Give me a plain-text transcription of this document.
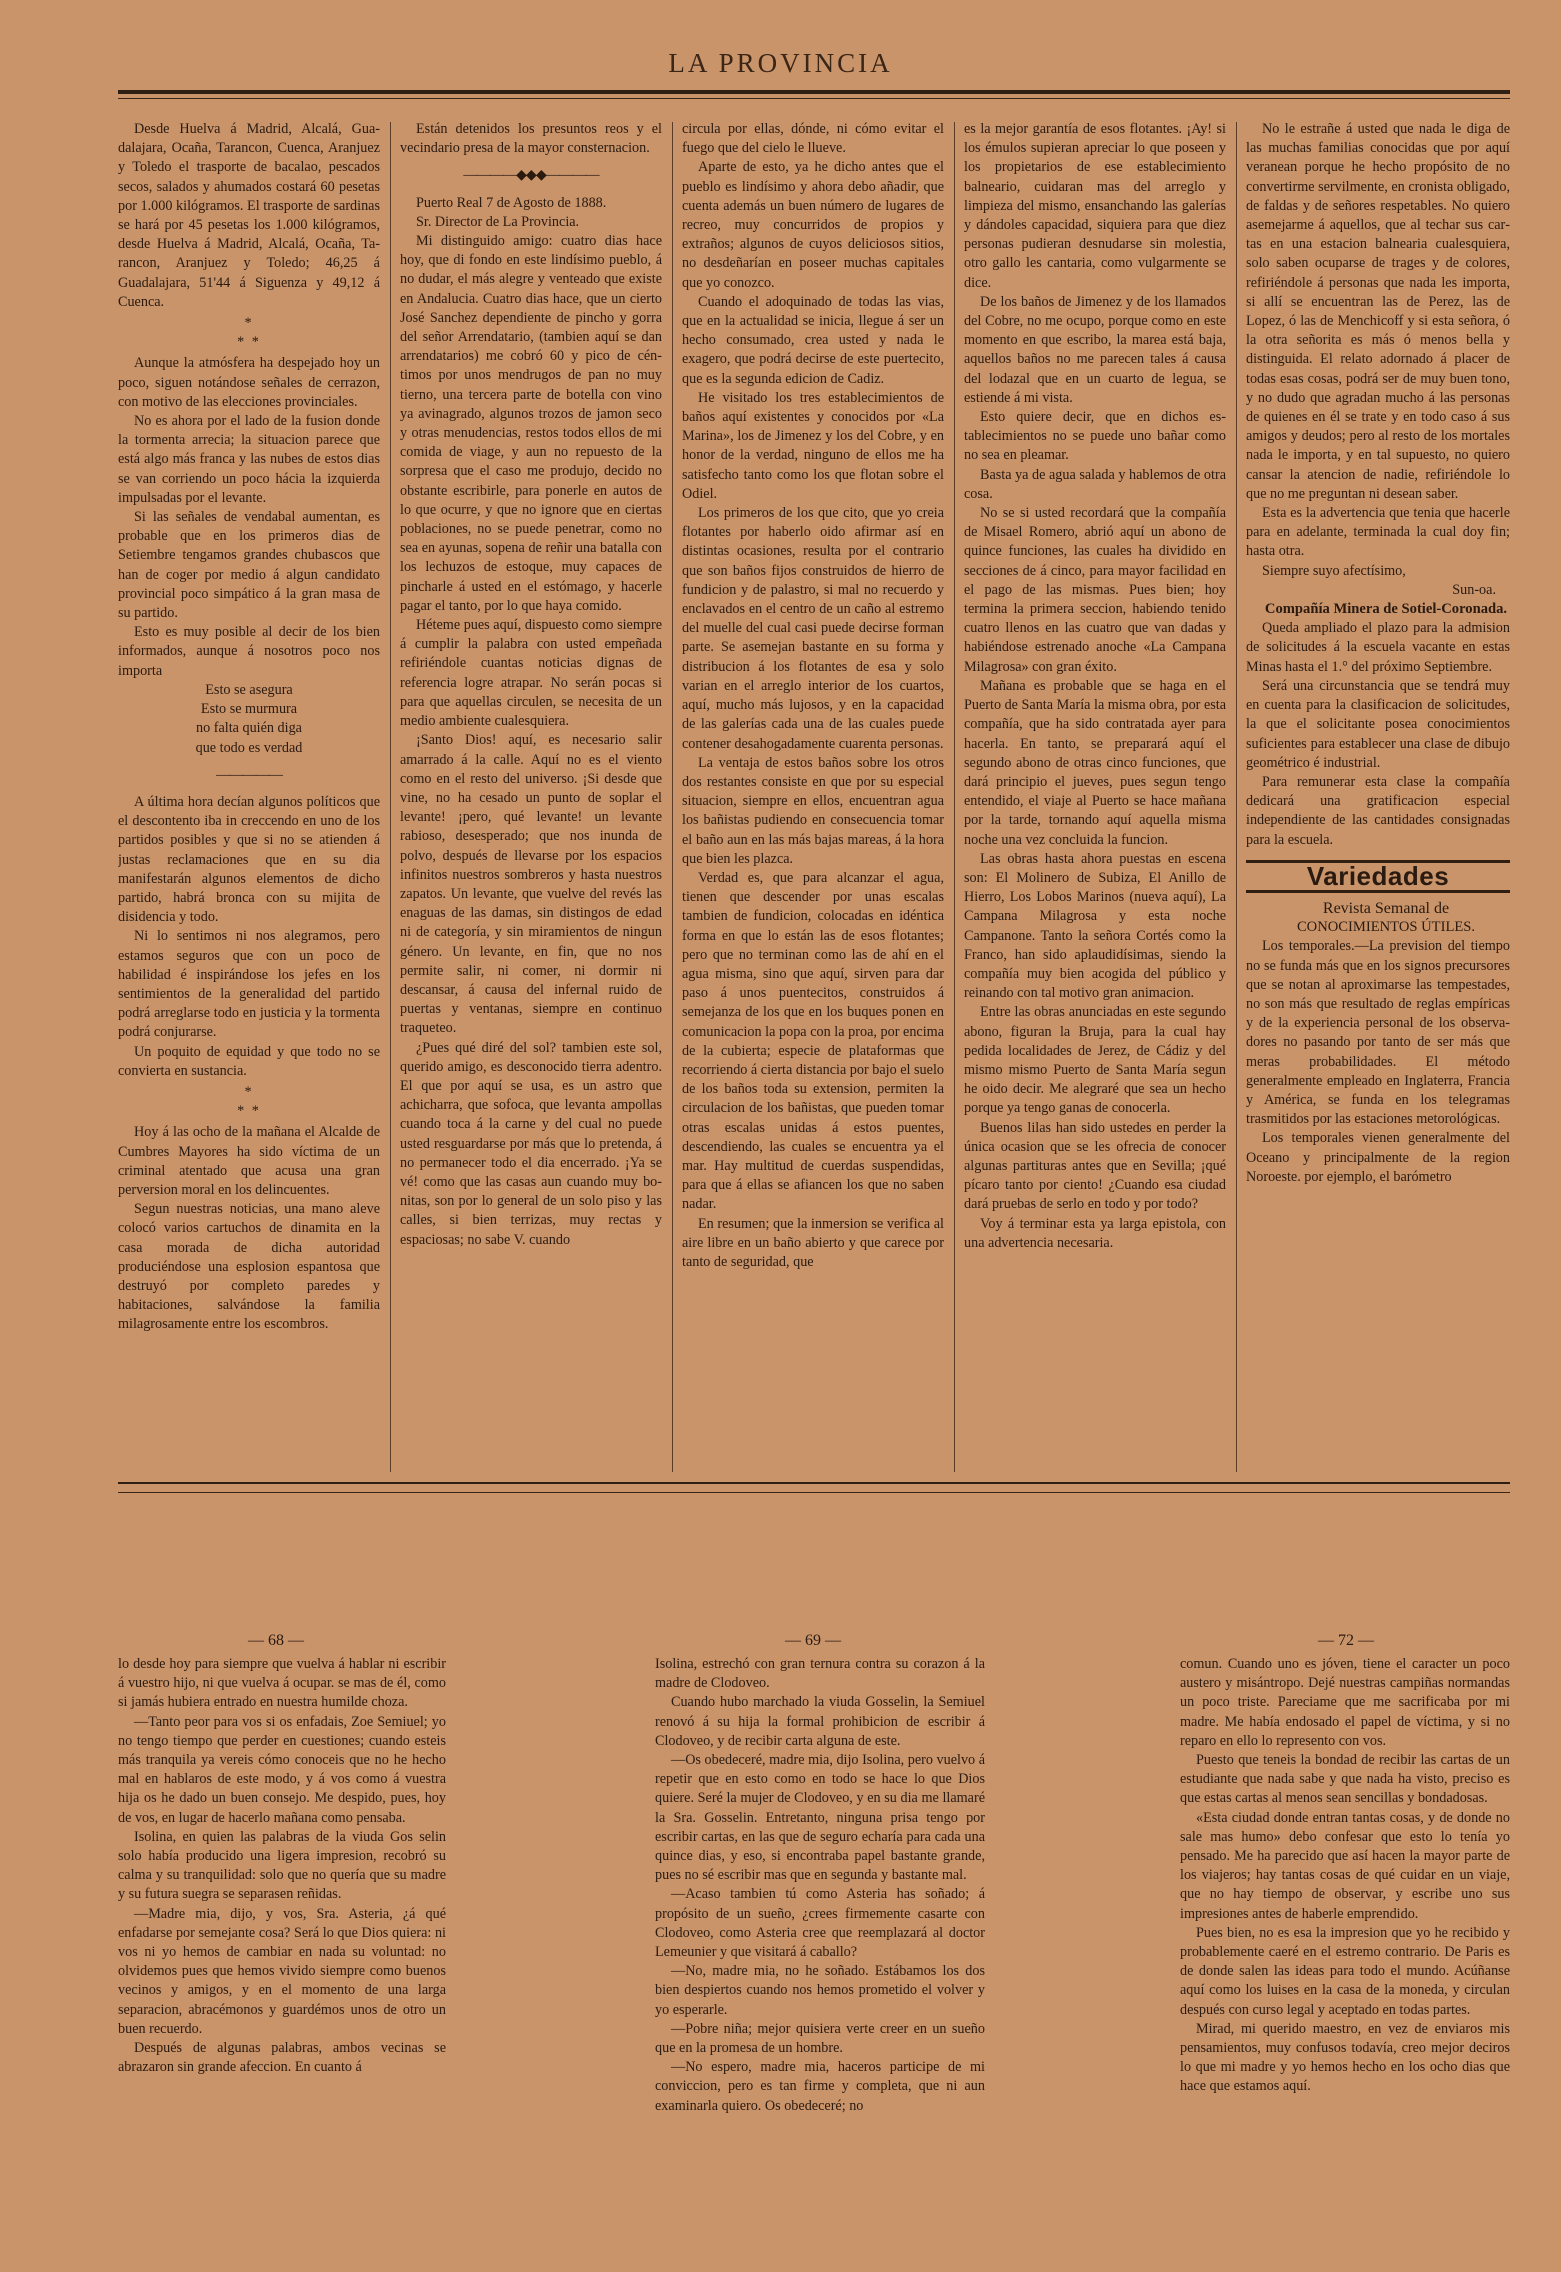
LA PROVINCIA

Desde Huelva á Madrid, Alcalá, Guadalajara, Ocaña, Tarancon, Cuenca, Aranjuez y Toledo el trasporte de bacalao, pescados secos, salados y ahumados costará 60 pesetas por 1.000 kilógramos. El trasporte de sardinas se hará por 45 pesetas los 1.000 kilógramos, desde Huelva á Madrid, Alcalá, Ocaña, Tarancon, Aranjuez y Toledo; 46,25 á Guadalajara, 51'44 á Siguenza y 49,12 á Cuenca.

*
* *

Aunque la atmósfera ha despejado hoy un poco, siguen notándose señales de cerrazon, con motivo de las elecciones provinciales.

No es ahora por el lado de la fusion donde la tormenta arrecia; la situacion parece que está algo más franca y las nubes de estos dias se van corriendo un poco hácia la izquierda impulsadas por el levante.

Si las señales de vendabal aumentan, es probable que en los primeros dias de Setiembre tengamos grandes chubascos que han de coger por medio á algun candidato provincial poco simpático á la gran masa de su partido.

Esto es muy posible al decir de los bien informados, aunque á nosotros poco nos importa

Esto se asegura

Esto se murmura

no falta quién diga

que todo es verdad

—————

A última hora decían algunos políticos que el descontento iba in creccendo en uno de los partidos posibles y que si no se atienden á justas reclamaciones que en su dia manifestarán algunos elementos de dicho partido, habrá bronca con su mijita de disidencia y todo.

Ni lo sentimos ni nos alegramos, pero estamos seguros que con un poco de habilidad é inspirándose los jefes en los sentimientos de la generalidad del partido podrá arreglarse todo en justicia y la tormenta podrá conjurarse.

Un poquito de equidad y que todo no se convierta en sustancia.

*
* *

Hoy á las ocho de la mañana el Alcalde de Cumbres Mayores ha sido víctima de un criminal atentado que acusa una gran perversion moral en los delincuentes.

Segun nuestras noticias, una mano aleve colocó varios cartuchos de dinamita en la casa morada de dicha autoridad produciéndose una esplosion espantosa que destruyó por completo paredes y habitaciones, salvándose la familia milagrosamente entre los escombros.

Están detenidos los presuntos reos y el vecindario presa de la mayor consternacion.

————◆◆◆————

Puerto Real 7 de Agosto de 1888.

Sr. Director de La Provincia.

Mi distinguido amigo: cuatro dias hace hoy, que di fondo en este lindísimo pueblo, á no dudar, el más alegre y venteado que existe en Andalucia. Cuatro dias hace, que un cierto José Sanchez dependiente de pincho y gorra del señor Arrendatario, (tambien aquí se dan arrendatarios) me cobró 60 y pico de céntimos por unos mendrugos de pan no muy tierno, una tercera parte de botella con vino ya avinagrado, algunos trozos de jamon seco y otras menudencias, restos todos ellos de mi comida de viage, y aun no repuesto de la sorpresa que el caso me produjo, decido no obstante escribirle, para ponerle en autos de lo que ocurre, y que no ignore que en ciertas poblaciones, no se puede penetrar, como no sea en ayunas, sopena de reñir una batalla con los lechuzos de estoque, muy capaces de pincharle á usted en el estómago, y hacerle pagar el tanto, por lo que haya comido.

Héteme pues aquí, dispuesto como siempre á cumplir la palabra con usted empeñada refiriéndole cuantas noticias dignas de referencia logre atrapar. No serán pocas si para que aquellas circulen, se necesita de un medio ambiente cualesquiera.

¡Santo Dios! aquí, es necesario salir amarrado á la calle. Aquí no es el viento como en el resto del universo. ¡Si desde que vine, no ha cesado un punto de soplar el levante! ¡pero, qué levante! un levante rabioso, desesperado; que nos inunda de polvo, después de llevarse por los espacios infinitos nuestros sombreros y hasta nuestros zapatos. Un levante, que vuelve del revés las enaguas de las damas, sin distingos de edad ni de categoría, y sin miramientos de ningun género. Un levante, en fin, que no nos permite salir, ni comer, ni dormir ni descansar, á causa del infernal ruido de puertas y ventanas, siempre en continuo traqueteo.

¿Pues qué diré del sol? tambien este sol, querido amigo, es desconocido tierra adentro. El que por aquí se usa, es un astro que achicharra, que sofoca, que levanta ampollas cuando toca á la carne y del cual no puede usted resguardarse por más que lo pretenda, á no permanecer todo el dia encerrado. ¡Ya se vé! como que las casas aun cuando muy bonitas, son por lo general de un solo piso y las calles, si bien terrizas, muy rectas y espaciosas; no sabe V. cuando

circula por ellas, dónde, ni cómo evitar el fuego que del cielo le llueve.

Aparte de esto, ya he dicho antes que el pueblo es lindísimo y ahora debo añadir, que cuenta además un buen número de lugares de recreo, muy concurridos de propios y extraños; algunos de cuyos deliciosos sitios, no desdeñarían en poseer muchas capitales que yo conozco.

Cuando el adoquinado de todas las vias, que en la actualidad se inicia, llegue á ser un hecho consumado, crea usted y nada le exagero, que podrá decirse de este puertecito, que es la segunda edicion de Cadiz.

He visitado los tres establecimientos de baños aquí existentes y conocidos por «La Marina», los de Jimenez y los del Cobre, y en honor de la verdad, ninguno de ellos me ha satisfecho tanto como los que flotan sobre el Odiel.

Los primeros de los que cito, que yo creia flotantes por haberlo oido afirmar así en distintas ocasiones, resulta por el contrario que son baños fijos construidos de hierro de fundicion y de palastro, si mal no recuerdo y enclavados en el centro de un caño al estremo del muelle del cual casi puede decirse forman parte. Se asemejan bastante en su forma y distribucion á los flotantes de esa y solo varian en el arreglo interior de los cuartos, aquí, mucho más lujosos, y en la capacidad de las galerías cada una de las cuales puede contener desahogadamente cuarenta personas.

La ventaja de estos baños sobre los otros dos restantes consiste en que por su especial situacion, siempre en ellos, encuentran agua los bañistas pudiendo en consecuencia tomar el baño aun en las más bajas mareas, á la hora que bien les plazca.

Verdad es, que para alcanzar el agua, tienen que descender por unas escalas tambien de fundicion, colocadas en idéntica forma en que lo están las de esos flotantes; pero que no terminan como las de ahí en el agua misma, sino que aquí, sirven para dar paso á unos puentecitos, construidos á semejanza de los que en los buques ponen en comunicacion la popa con la proa, por encima de la cubierta; especie de plataformas que recorriendo á cierta distancia por bajo el suelo de los baños toda su extension, permiten la circulacion de los bañistas, que pueden tomar otras escalas unidas á estos puentes, descendiendo, las cuales se encuentra ya el mar. Hay multitud de cuerdas suspendidas, para que á ellas se afiancen los que no saben nadar.

En resumen; que la inmersion se verifica al aire libre en un baño abierto y que carece por tanto de seguridad, que

es la mejor garantía de esos flotantes. ¡Ay! si los émulos supieran apreciar lo que poseen y los propietarios de ese establecimiento balneario, cuidaran mas del arreglo y limpieza del mismo, ensanchando las galerías y dándoles capacidad, siquiera para que diez personas pudieran desnudarse sin molestia, otro gallo les cantaria, como vulgarmente se dice.

De los baños de Jimenez y de los llamados del Cobre, no me ocupo, porque como en este momento en que escribo, la marea está baja, aquellos baños no me parecen tales á causa del lodazal que en un cuarto de legua, se estiende á mi vista.

Esto quiere decir, que en dichos establecimientos no se puede uno bañar como no sea en pleamar.

Basta ya de agua salada y hablemos de otra cosa.

No se si usted recordará que la compañía de Misael Romero, abrió aquí un abono de quince funciones, las cuales ha dividido en secciones de á cinco, para mayor facilidad en el pago de las mismas. Pues bien; hoy termina la primera seccion, habiendo tenido cuatro llenos en las cuatro que van dadas y habiéndose estrenado anoche «La Campana Milagrosa» con gran éxito.

Mañana es probable que se haga en el Puerto de Santa María la misma obra, por esta compañía, que ha sido contratada ayer para hacerla. En tanto, se preparará aquí el segundo abono de otras cinco funciones, que dará principio el jueves, pues segun tengo entendido, el viaje al Puerto se hace mañana por la tarde, tornando aquí aquella misma noche una vez concluida la funcion.

Las obras hasta ahora puestas en escena son: El Molinero de Subiza, El Anillo de Hierro, Los Lobos Marinos (nueva aquí), La Campana Milagrosa y esta noche Campanone. Tanto la señora Cortés como la Franco, han sido aplaudidísimas, siendo la compañía muy bien acogida del público y reinando con tal motivo gran animacion.

Entre las obras anunciadas en este segundo abono, figuran la Bruja, para la cual hay pedida localidades de Jerez, de Cádiz y del mismo mismo Puerto de Santa María segun he oido decir. Me alegraré que sea un hecho porque ya tengo ganas de conocerla.

Buenos lilas han sido ustedes en perder la única ocasion que se les ofrecia de conocer algunas partituras antes que en Sevilla; ¡qué pícaro tanto por ciento! ¿Cuando esa ciudad dará pruebas de serlo en todo y por todo?

Voy á terminar esta ya larga epistola, con una advertencia necesaria.

No le estrañe á usted que nada le diga de las muchas familias conocidas que por aquí veranean porque he hecho propósito de no convertirme servilmente, en cronista obligado, de faldas y de señores respetables. No quiero asemejarme á aquellos, que al techar sus cartas en una estacion balnearia cualesquiera, solo saben ocuparse de trages y de colores, refiriéndole á personas que nada les importa, si allí se encuentran las de Perez, las de Lopez, ó las de Menchicoff y si esta señora, ó la otra señorita es más ó menos bella y distinguida. El relato adornado á placer de todas esas cosas, podrá ser de muy buen tono, y no dudo que agradan mucho á las personas de quienes en él se trate y en todo caso á sus amigos y deudos; pero al resto de los mortales nada le importa, y en tal supuesto, no quiero cansar la atencion de nadie, refiriéndole lo que no me preguntan ni desean saber.

Esta es la advertencia que tenia que hacerle para en adelante, terminada la cual doy fin; hasta otra.

Siempre suyo afectísimo,

Sun-oa.

Compañía Minera de Sotiel-Coronada.

Queda ampliado el plazo para la admision de solicitudes á la escuela vacante en estas Minas hasta el 1.° del próximo Septiembre.

Será una circunstancia que se tendrá muy en cuenta para la clasificacion de solicitudes, la que el solicitante posea conocimientos suficientes para establecer una clase de dibujo geométrico é industrial.

Para remunerar esta clase la compañía dedicará una gratificacion especial independiente de las cantidades consignadas para la escuela.

Variedades

Revista Semanal de

CONOCIMIENTOS ÚTILES.

Los temporales.—La prevision del tiempo no se funda más que en los signos precursores que se notan al aproximarse las tempestades, no son más que resultado de reglas empíricas y de la experiencia personal de los observadores no pasando por tanto de ser más que meras probabilidades. El método generalmente empleado en Inglaterra, Francia y América, se funda en los telegramas trasmitidos por las estaciones metorológicas.

Los temporales vienen generalmente del Oceano y principalmente de la region Noroeste. por ejemplo, el barómetro

— 68 —	— 69 —	— 72 —

lo desde hoy para siempre que vuelva á hablar ni escribir á vuestro hijo, ni que vuelva á ocupar. se mas de él, como si jamás hubiera entrado en nuestra humilde choza.

—Tanto peor para vos si os enfadais, Zoe Semiuel; yo no tengo tiempo que perder en cuestiones; cuando esteis más tranquila ya vereis cómo conoceis que no he hecho mal en hablaros de este modo, y á vos como á vuestra hija os he dado un buen consejo. Me despido, pues, hoy de vos, en lugar de hacerlo mañana como pensaba.

Isolina, en quien las palabras de la viuda Gos selin solo había producido una ligera impresion, recobró su calma y su tranquilidad: solo que no quería que su madre y su futura suegra se separasen reñidas.

—Madre mia, dijo, y vos, Sra. Asteria, ¿á qué enfadarse por semejante cosa? Será lo que Dios quiera: ni vos ni yo hemos de cambiar en nada su voluntad: no olvidemos pues que hemos vivido siempre como buenos vecinos y amigos, y en el momento de una larga separacion, abracémonos y guardémos unos de otro un buen recuerdo.

Después de algunas palabras, ambos vecinas se abrazaron sin grande afeccion. En cuanto á

Isolina, estrechó con gran ternura contra su corazon á la madre de Clodoveo.

Cuando hubo marchado la viuda Gosselin, la Semiuel renovó á su hija la formal prohibicion de escribir á Clodoveo, y de recibir carta alguna de este.

—Os obedeceré, madre mia, dijo Isolina, pero vuelvo á repetir que en esto como en todo se hace lo que Dios quiere. Seré la mujer de Clodoveo, y en su dia me llamaré la Sra. Gosselin. Entretanto, ninguna prisa tengo por escribir cartas, en las que de seguro echaría para cada una quince dias, y eso, si encontraba papel bastante grande, pues no sé escribir mas que en segunda y bastante mal.

—Acaso tambien tú como Asteria has soñado; á propósito de un sueño, ¿crees firmemente casarte con Clodoveo, como Asteria cree que reemplazará al doctor Lemeunier y que visitará á caballo?

—No, madre mia, no he soñado. Estábamos los dos bien despiertos cuando nos hemos prometido el volver y yo esperarle.

—Pobre niña; mejor quisiera verte creer en un sueño que en la promesa de un hombre.

—No espero, madre mia, haceros participe de mi conviccion, pero es tan firme y completa, que ni aun examinarla quiero. Os obedeceré; no

comun. Cuando uno es jóven, tiene el caracter un poco austero y misántropo. Dejé nuestras campiñas normandas un poco triste. Pareciame que me sacrificaba por mi madre. Me había endosado el papel de víctima, y si no reparo en ello lo represento con vos.

Puesto que teneis la bondad de recibir las cartas de un estudiante que nada sabe y que nada ha visto, preciso es que estas cartas al menos sean sencillas y bondadosas.

«Esta ciudad donde entran tantas cosas, y de donde no sale mas humo» debo confesar que esto lo tenía yo pensado. Me ha parecido que así hacen la mayor parte de los viajeros; hay tantas cosas de qué cuidar en un viaje, que no hay tiempo de observar, y escribe uno sus impresiones antes de haberle emprendido.

Pues bien, no es esa la impresion que yo he recibido y probablemente caeré en el estremo contrario. De Paris es de donde salen las ideas para todo el mundo. Acúñanse aquí como los luises en la casa de la moneda, y circulan después con curso legal y aceptado en todas partes.

Mirad, mi querido maestro, en vez de enviaros mis pensamientos, muy confusos todavía, creo mejor deciros lo que mi madre y yo hemos hecho en los ocho dias que hace que estamos aquí.
